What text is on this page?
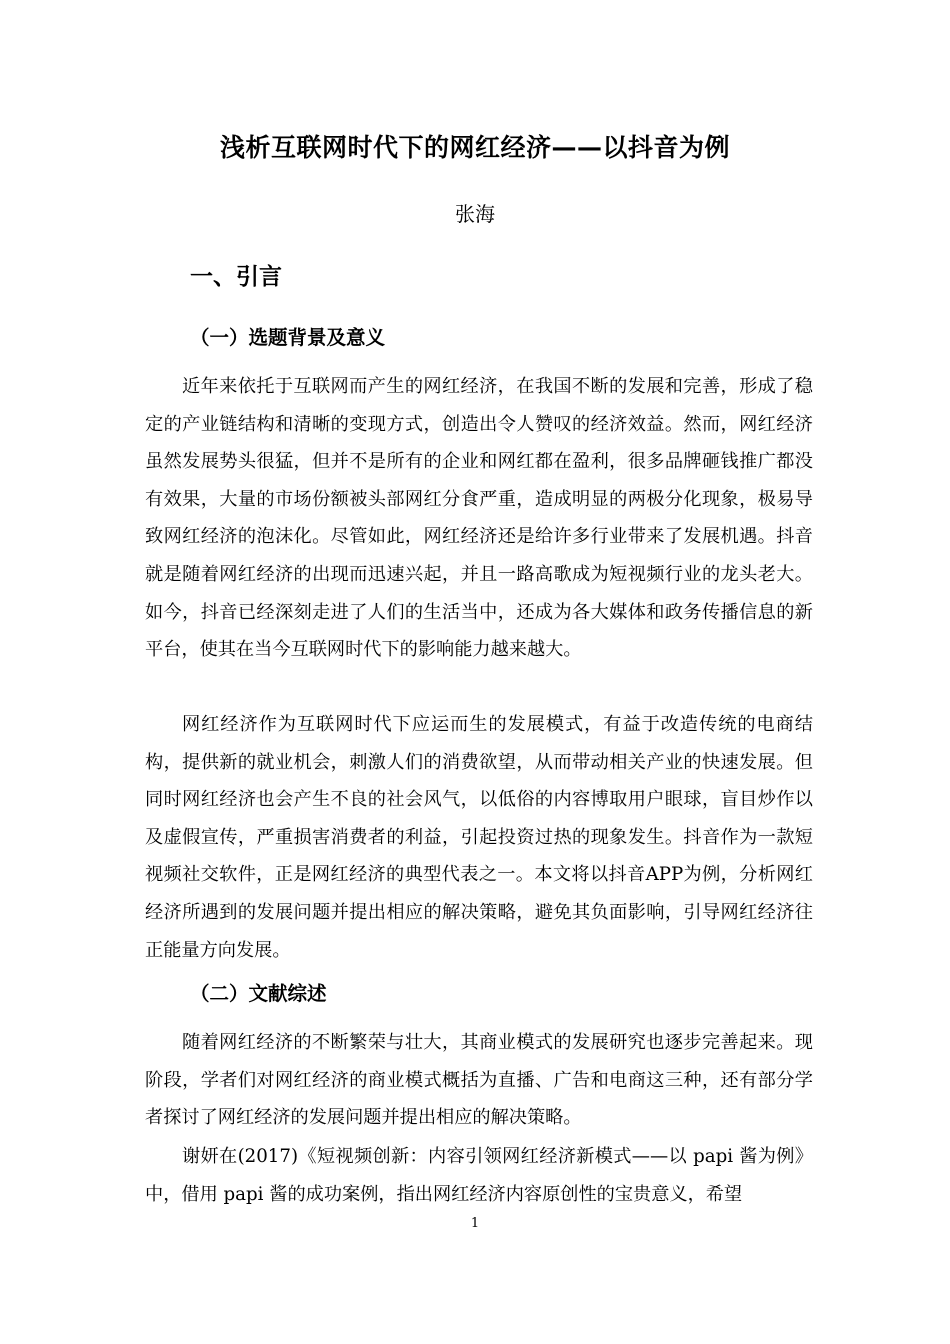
浅析互联网时代下的网红经济——以抖音为例
张海
一、引言
（一）选题背景及意义

近年来依托于互联网而产生的网红经济，在我国不断的发展和完善，形成了稳定的产业链结构和清晰的变现方式，创造出令人赞叹的经济效益。然而，网红经济虽然发展势头很猛，但并不是所有的企业和网红都在盈利，很多品牌砸钱推广都没有效果，大量的市场份额被头部网红分食严重，造成明显的两极分化现象，极易导致网红经济的泡沫化。尽管如此，网红经济还是给许多行业带来了发展机遇。抖音就是随着网红经济的出现而迅速兴起，并且一路高歌成为短视频行业的龙头老大。如今，抖音已经深刻走进了人们的生活当中，还成为各大媒体和政务传播信息的新平台，使其在当今互联网时代下的影响能力越来越大。

网红经济作为互联网时代下应运而生的发展模式，有益于改造传统的电商结构，提供新的就业机会，刺激人们的消费欲望，从而带动相关产业的快速发展。但同时网红经济也会产生不良的社会风气，以低俗的内容博取用户眼球，盲目炒作以及虚假宣传，严重损害消费者的利益，引起投资过热的现象发生。抖音作为一款短视频社交软件，正是网红经济的典型代表之一。本文将以抖音APP为例，分析网红经济所遇到的发展问题并提出相应的解决策略，避免其负面影响，引导网红经济往正能量方向发展。

（二）文献综述

随着网红经济的不断繁荣与壮大，其商业模式的发展研究也逐步完善起来。现阶段，学者们对网红经济的商业模式概括为直播、广告和电商这三种，还有部分学者探讨了网红经济的发展问题并提出相应的解决策略。

谢妍在(2017)《短视频创新：内容引领网红经济新模式——以 papi 酱为例》中，借用 papi 酱的成功案例，指出网红经济内容原创性的宝贵意义，希望

1
